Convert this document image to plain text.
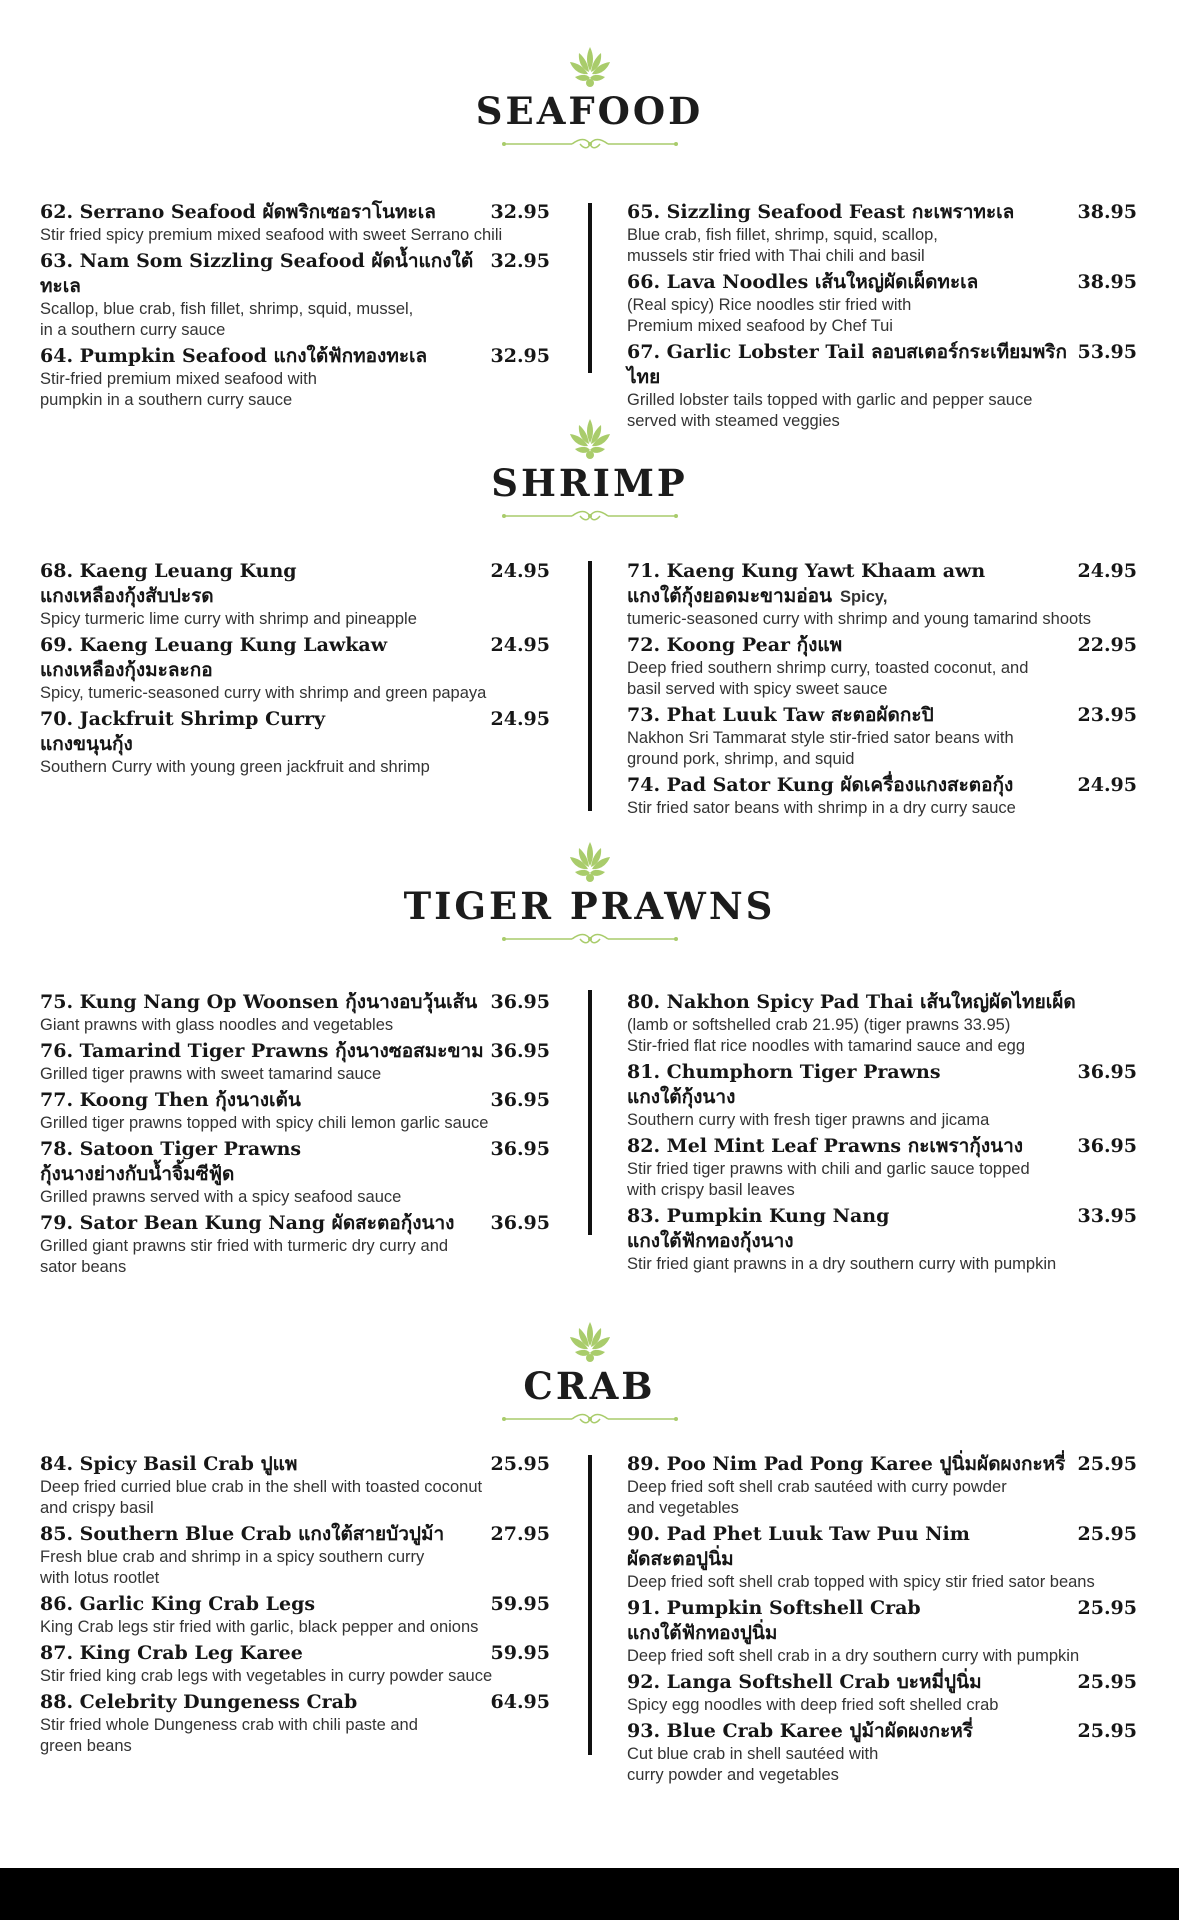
SEAFOOD
62. Serrano Seafood ผัดพริกเซอราโนทะเล	32.95
Stir fried spicy premium mixed seafood with sweet Serrano chili
63. Nam Som Sizzling Seafood ผัดน้ำแกงใต้ทะเล
32.95
Scallop, blue crab, fish fillet, shrimp, squid, mussel,
in a southern curry sauce
64. Pumpkin Seafood แกงใต้ฟักทองทะเล	32.95
Stir-fried premium mixed seafood with
pumpkin in a southern curry sauce
65. Sizzling Seafood Feast กะเพราทะเล	38.95
Blue crab, fish fillet, shrimp, squid, scallop,
mussels stir fried with Thai chili and basil
66. Lava Noodles เส้นใหญ่ผัดเผ็ดทะเล	38.95
(Real spicy) Rice noodles stir fried with
Premium mixed seafood by Chef Tui
67. Garlic Lobster Tail ลอบสเตอร์กระเทียมพริกไทย
53.95
Grilled lobster tails topped with garlic and pepper sauce
served with steamed veggies
SHRIMP
68. Kaeng Leuang Kung	24.95
แกงเหลืองกุ้งสับปะรด
Spicy turmeric lime curry with shrimp and pineapple
69. Kaeng Leuang Kung Lawkaw	24.95
แกงเหลืองกุ้งมะละกอ
Spicy, tumeric-seasoned curry with shrimp and green papaya
70. Jackfruit Shrimp Curry	24.95
แกงขนุนกุ้ง
Southern Curry with young green jackfruit and shrimp
71. Kaeng Kung Yawt Khaam awn	24.95
แกงใต้กุ้งยอดมะขามอ่อน Spicy,
tumeric-seasoned curry with shrimp and young tamarind shoots
72. Koong Pear กุ้งแพ	22.95
Deep fried southern shrimp curry, toasted coconut, and
basil served with spicy sweet sauce
73. Phat Luuk Taw สะตอผัดกะปิ	23.95
Nakhon Sri Tammarat style stir-fried sator beans with
ground pork, shrimp, and squid
74. Pad Sator Kung ผัดเครื่องแกงสะตอกุ้ง	24.95
Stir fried sator beans with shrimp in a dry curry sauce
TIGER PRAWNS
75. Kung Nang Op Woonsen กุ้งนางอบวุ้นเส้น 36.95
Giant prawns with glass noodles and vegetables
76. Tamarind Tiger Prawns กุ้งนางซอสมะขาม 36.95
Grilled tiger prawns with sweet tamarind sauce
77. Koong Then กุ้งนางเต้น	36.95
Grilled tiger prawns topped with spicy chili lemon garlic sauce
78. Satoon Tiger Prawns	36.95
กุ้งนางย่างกับน้ำจิ้มซีฟู้ด
Grilled prawns served with a spicy seafood sauce
79. Sator Bean Kung Nang ผัดสะตอกุ้งนาง 36.95
Grilled giant prawns stir fried with turmeric dry curry and
sator beans
80. Nakhon Spicy Pad Thai เส้นใหญ่ผัดไทยเผ็ด
(lamb or softshelled crab 21.95) (tiger prawns 33.95)
Stir-fried flat rice noodles with tamarind sauce and egg
81. Chumphorn Tiger Prawns	36.95
แกงใต้กุ้งนาง
Southern curry with fresh tiger prawns and jicama
82. Mel Mint Leaf Prawns กะเพรากุ้งนาง	36.95
Stir fried tiger prawns with chili and garlic sauce topped
with crispy basil leaves
83. Pumpkin Kung Nang	33.95
แกงใต้ฟักทองกุ้งนาง
Stir fried giant prawns in a dry southern curry with pumpkin
CRAB
84. Spicy Basil Crab ปูแพ	25.95
Deep fried curried blue crab in the shell with toasted coconut
and crispy basil
85. Southern Blue Crab แกงใต้สายบัวปูม้า 27.95
Fresh blue crab and shrimp in a spicy southern curry
with lotus rootlet
86. Garlic King Crab Legs	59.95
King Crab legs stir fried with garlic, black pepper and onions
87. King Crab Leg Karee	59.95
Stir fried king crab legs with vegetables in curry powder sauce
88. Celebrity Dungeness Crab	64.95
Stir fried whole Dungeness crab with chili paste and
green beans
89. Poo Nim Pad Pong Karee ปูนิ่มผัดผงกะหรี่ 25.95
Deep fried soft shell crab sautéed with curry powder
and vegetables
90. Pad Phet Luuk Taw Puu Nim	25.95
ผัดสะตอปูนิ่ม
Deep fried soft shell crab topped with spicy stir fried sator beans
91. Pumpkin Softshell Crab	25.95
แกงใต้ฟักทองปูนิ่ม
Deep fried soft shell crab in a dry southern curry with pumpkin
92. Langa Softshell Crab บะหมี่ปูนิ่ม	25.95
Spicy egg noodles with deep fried soft shelled crab
93. Blue Crab Karee ปูม้าผัดผงกะหรี่	25.95
Cut blue crab in shell sautéed with
curry powder and vegetables
